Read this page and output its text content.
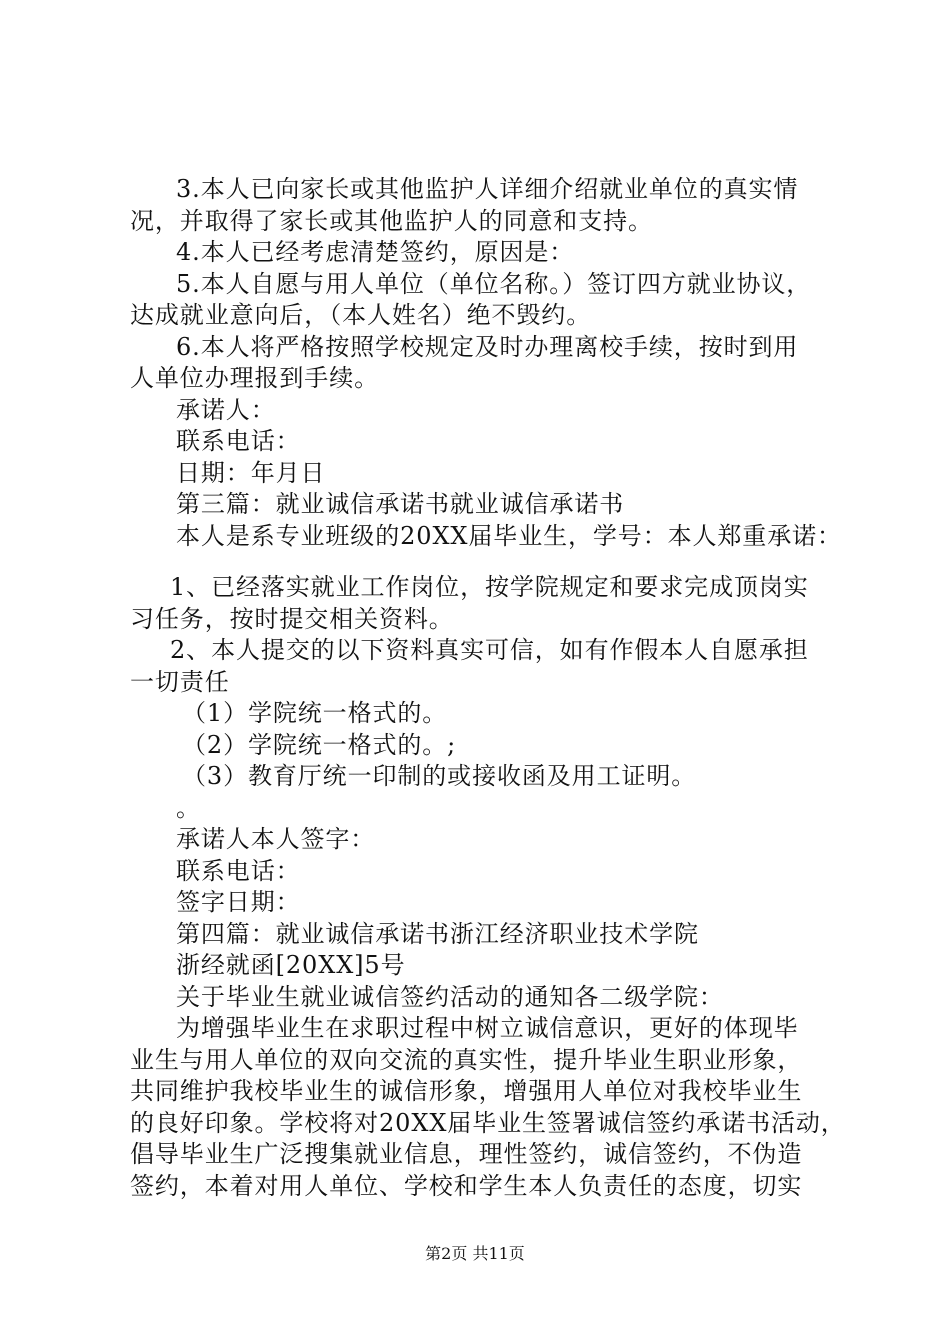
3.本人已向家长或其他监护人详细介绍就业单位的真实情
况，并取得了家长或其他监护人的同意和支持。
4.本人已经考虑清楚签约，原因是：
5.本人自愿与用人单位（单位名称。）签订四方就业协议，
达成就业意向后，（本人姓名）绝不毁约。
6.本人将严格按照学校规定及时办理离校手续，按时到用
人单位办理报到手续。
承诺人：
联系电话：
日期：年月日
第三篇：就业诚信承诺书就业诚信承诺书
本人是系专业班级的20XX届毕业生，学号：本人郑重承诺：
1、已经落实就业工作岗位，按学院规定和要求完成顶岗实
习任务，按时提交相关资料。
2、本人提交的以下资料真实可信，如有作假本人自愿承担
一切责任
（1）学院统一格式的。
（2）学院统一格式的。;
（3）教育厅统一印制的或接收函及用工证明。
。
承诺人本人签字：
联系电话：
签字日期：
第四篇：就业诚信承诺书浙江经济职业技术学院
浙经就函[20XX]5号
关于毕业生就业诚信签约活动的通知各二级学院：
为增强毕业生在求职过程中树立诚信意识，更好的体现毕
业生与用人单位的双向交流的真实性，提升毕业生职业形象，
共同维护我校毕业生的诚信形象，增强用人单位对我校毕业生
的良好印象。学校将对20XX届毕业生签署诚信签约承诺书活动，
倡导毕业生广泛搜集就业信息，理性签约，诚信签约，不伪造
签约，本着对用人单位、学校和学生本人负责任的态度，切实
第2页 共11页
